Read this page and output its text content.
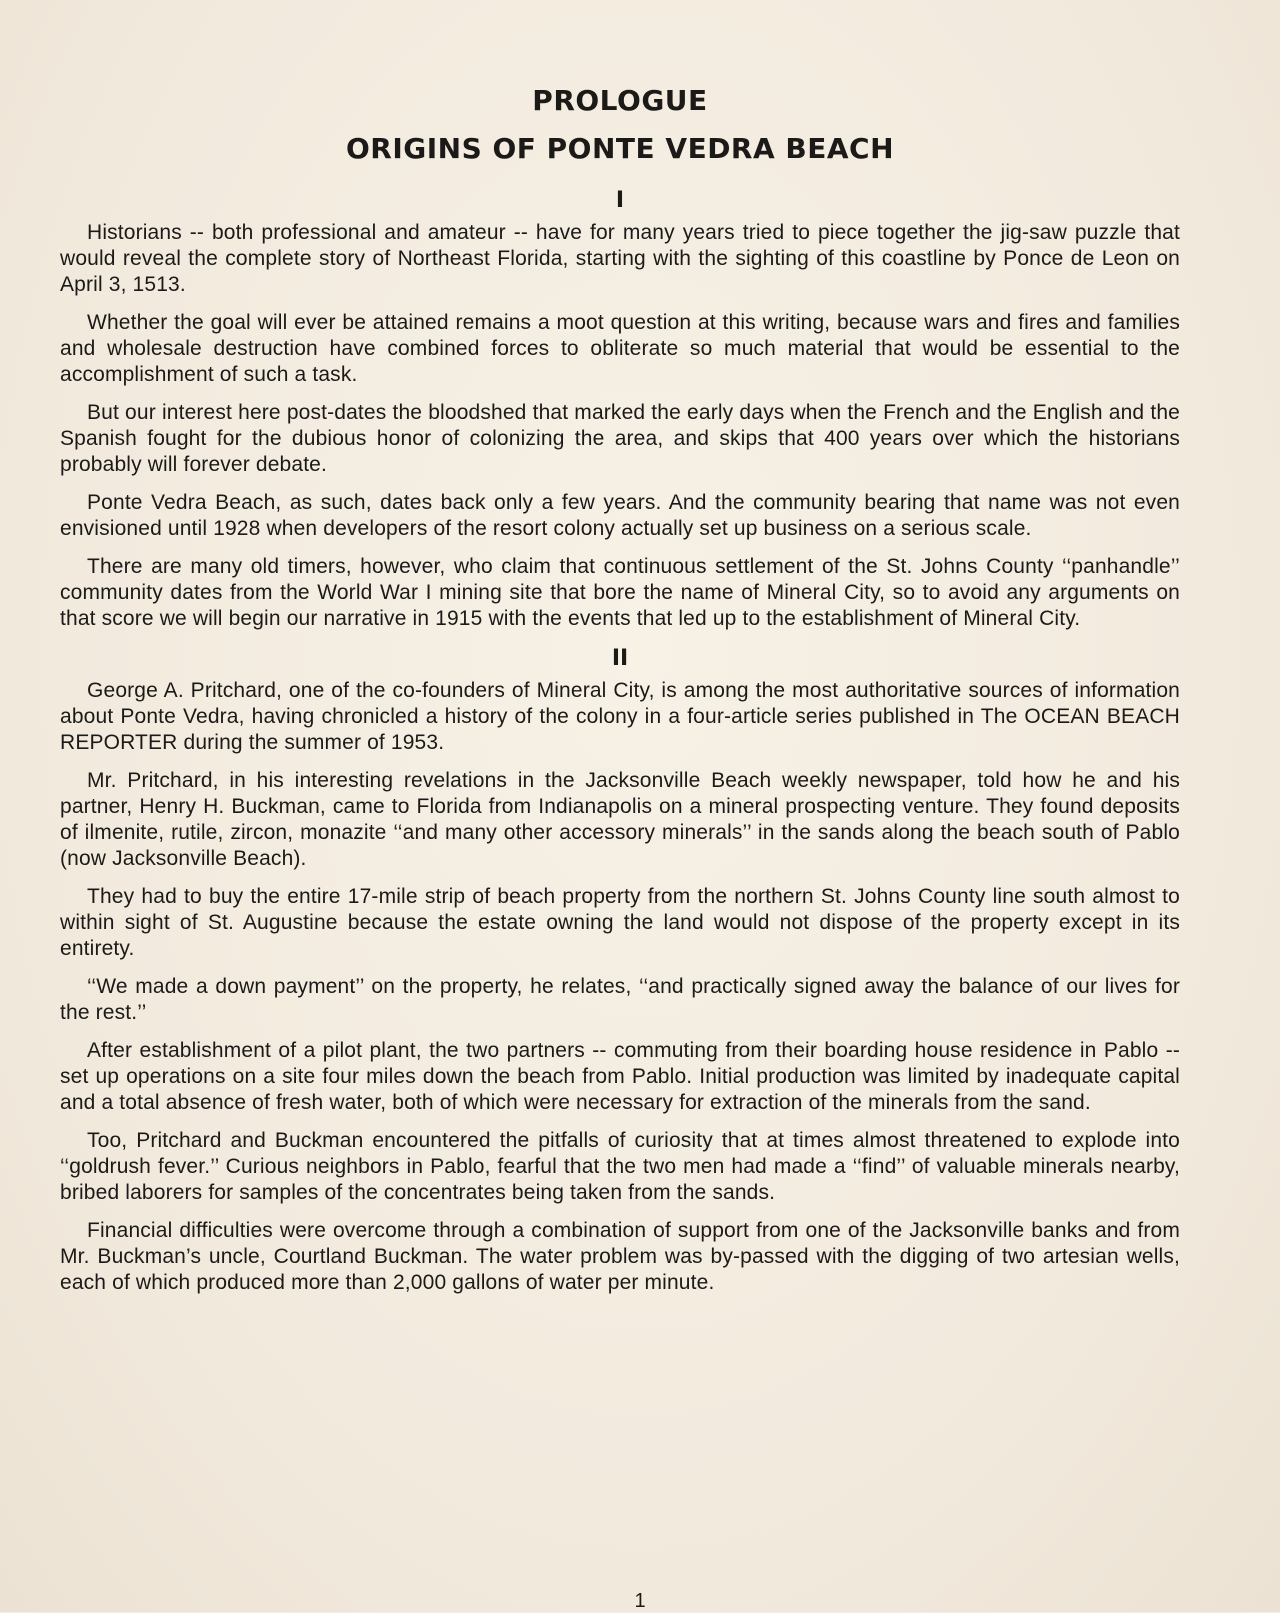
PROLOGUE
ORIGINS OF PONTE VEDRA BEACH
I

Historians -- both professional and amateur -- have for many years tried to piece together the jig-saw puzzle that would reveal the complete story of Northeast Florida, starting with the sighting of this coastline by Ponce de Leon on April 3, 1513.

Whether the goal will ever be attained remains a moot question at this writing, because wars and fires and families and wholesale destruction have combined forces to obliterate so much material that would be essential to the accomplishment of such a task.

But our interest here post-dates the bloodshed that marked the early days when the French and the English and the Spanish fought for the dubious honor of colonizing the area, and skips that 400 years over which the historians probably will forever debate.

Ponte Vedra Beach, as such, dates back only a few years. And the community bearing that name was not even envisioned until 1928 when developers of the resort colony actually set up business on a serious scale.

There are many old timers, however, who claim that continuous settlement of the St. Johns County ‘‘panhandle’’ community dates from the World War I mining site that bore the name of Mineral City, so to avoid any arguments on that score we will begin our narrative in 1915 with the events that led up to the establishment of Mineral City.

II

George A. Pritchard, one of the co-founders of Mineral City, is among the most authoritative sources of information about Ponte Vedra, having chronicled a history of the colony in a four-article series published in The OCEAN BEACH REPORTER during the summer of 1953.

Mr. Pritchard, in his interesting revelations in the Jacksonville Beach weekly newspaper, told how he and his partner, Henry H. Buckman, came to Florida from Indianapolis on a mineral prospecting venture. They found deposits of ilmenite, rutile, zircon, monazite ‘‘and many other accessory minerals’’ in the sands along the beach south of Pablo (now Jacksonville Beach).

They had to buy the entire 17-mile strip of beach property from the northern St. Johns County line south almost to within sight of St. Augustine because the estate owning the land would not dispose of the property except in its entirety.

‘‘We made a down payment’’ on the property, he relates, ‘‘and practically signed away the balance of our lives for the rest.’’

After establishment of a pilot plant, the two partners -- commuting from their boarding house residence in Pablo -- set up operations on a site four miles down the beach from Pablo. Initial production was limited by inadequate capital and a total absence of fresh water, both of which were necessary for extraction of the minerals from the sand.

Too, Pritchard and Buckman encountered the pitfalls of curiosity that at times almost threatened to explode into ‘‘goldrush fever.’’ Curious neighbors in Pablo, fearful that the two men had made a ‘‘find’’ of valuable minerals nearby, bribed laborers for samples of the concentrates being taken from the sands.

Financial difficulties were overcome through a combination of support from one of the Jacksonville banks and from Mr. Buckman’s uncle, Courtland Buckman. The water problem was by-passed with the digging of two artesian wells, each of which produced more than 2,000 gallons of water per minute.

1
